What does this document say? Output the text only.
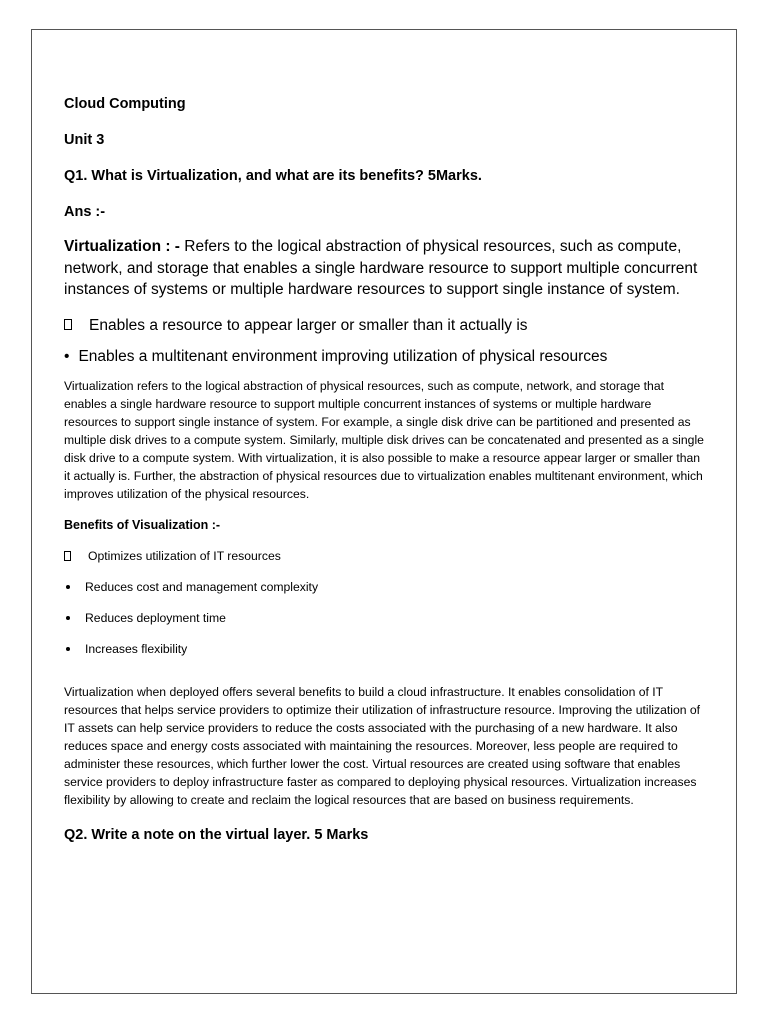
Cloud Computing

Unit 3

Q1. What is Virtualization, and what are its benefits? 5Marks.

Ans :-

Virtualization : - Refers to the logical abstraction of physical resources, such as compute, network, and storage that enables a single hardware resource to support multiple concurrent instances of systems or multiple hardware resources to support single instance of system.

Enables a resource to appear larger or smaller than it actually is
• Enables a multitenant environment improving utilization of physical resources

Virtualization refers to the logical abstraction of physical resources, such as compute, network, and storage that enables a single hardware resource to support multiple concurrent instances of systems or multiple hardware resources to support single instance of system. For example, a single disk drive can be partitioned and presented as multiple disk drives to a compute system. Similarly, multiple disk drives can be concatenated and presented as a single disk drive to a compute system. With virtualization, it is also possible to make a resource appear larger or smaller than it actually is. Further, the abstraction of physical resources due to virtualization enables multitenant environment, which improves utilization of the physical resources.

Benefits of Visualization :-

Optimizes utilization of IT resources
Reduces cost and management complexity
Reduces deployment time
Increases flexibility

Virtualization when deployed offers several benefits to build a cloud infrastructure. It enables consolidation of IT resources that helps service providers to optimize their utilization of infrastructure resource. Improving the utilization of IT assets can help service providers to reduce the costs associated with the purchasing of a new hardware. It also reduces space and energy costs associated with maintaining the resources. Moreover, less people are required to administer these resources, which further lower the cost. Virtual resources are created using software that enables service providers to deploy infrastructure faster as compared to deploying physical resources. Virtualization increases flexibility by allowing to create and reclaim the logical resources that are based on business requirements.

Q2. Write a note on the virtual layer. 5 Marks
